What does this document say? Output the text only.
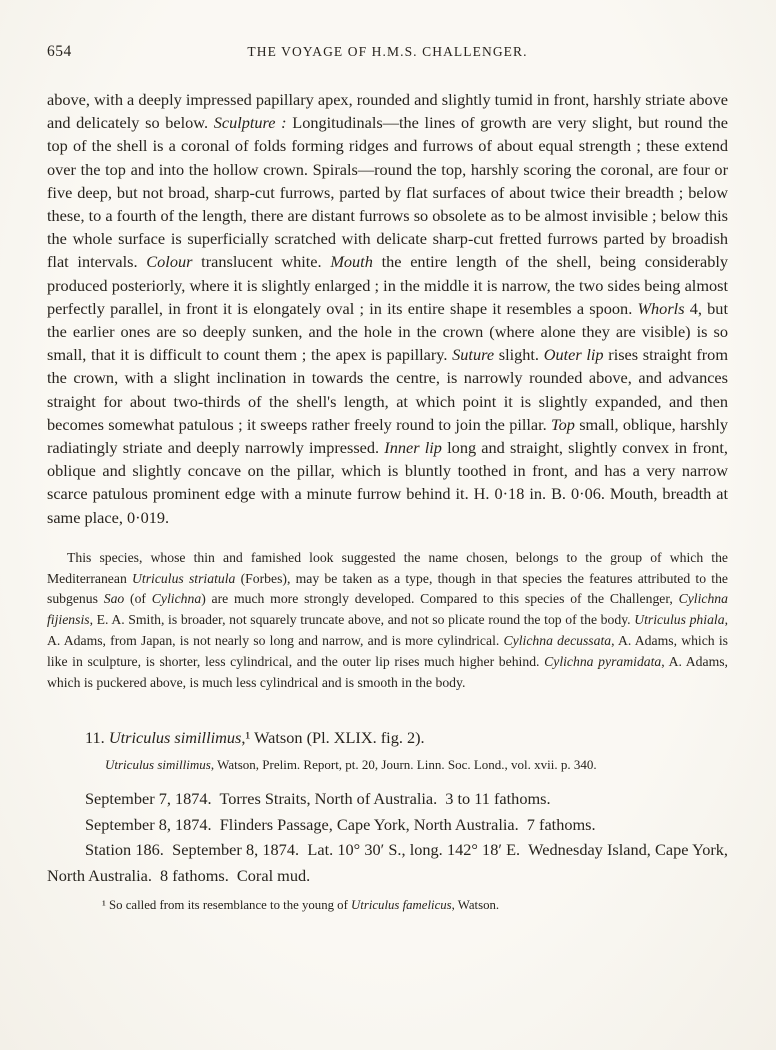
654	THE VOYAGE OF H.M.S. CHALLENGER.

above, with a deeply impressed papillary apex, rounded and slightly tumid in front, harshly striate above and delicately so below. Sculpture : Longitudinals—the lines of growth are very slight, but round the top of the shell is a coronal of folds forming ridges and furrows of about equal strength ; these extend over the top and into the hollow crown. Spirals—round the top, harshly scoring the coronal, are four or five deep, but not broad, sharp-cut furrows, parted by flat surfaces of about twice their breadth ; below these, to a fourth of the length, there are distant furrows so obsolete as to be almost invisible ; below this the whole surface is superficially scratched with delicate sharp-cut fretted furrows parted by broadish flat intervals. Colour translucent white. Mouth the entire length of the shell, being considerably produced posteriorly, where it is slightly enlarged ; in the middle it is narrow, the two sides being almost perfectly parallel, in front it is elongately oval ; in its entire shape it resembles a spoon. Whorls 4, but the earlier ones are so deeply sunken, and the hole in the crown (where alone they are visible) is so small, that it is difficult to count them ; the apex is papillary. Suture slight. Outer lip rises straight from the crown, with a slight inclination in towards the centre, is narrowly rounded above, and advances straight for about two-thirds of the shell's length, at which point it is slightly expanded, and then becomes somewhat patulous ; it sweeps rather freely round to join the pillar. Top small, oblique, harshly radiatingly striate and deeply narrowly impressed. Inner lip long and straight, slightly convex in front, oblique and slightly concave on the pillar, which is bluntly toothed in front, and has a very narrow scarce patulous prominent edge with a minute furrow behind it. H. 0·18 in. B. 0·06. Mouth, breadth at same place, 0·019.

This species, whose thin and famished look suggested the name chosen, belongs to the group of which the Mediterranean Utriculus striatula (Forbes), may be taken as a type, though in that species the features attributed to the subgenus Sao (of Cylichna) are much more strongly developed. Compared to this species of the Challenger, Cylichna fijiensis, E. A. Smith, is broader, not squarely truncate above, and not so plicate round the top of the body. Utriculus phiala, A. Adams, from Japan, is not nearly so long and narrow, and is more cylindrical. Cylichna decussata, A. Adams, which is like in sculpture, is shorter, less cylindrical, and the outer lip rises much higher behind. Cylichna pyramidata, A. Adams, which is puckered above, is much less cylindrical and is smooth in the body.

11. Utriculus simillimus,¹ Watson (Pl. XLIX. fig. 2).

Utriculus simillimus, Watson, Prelim. Report, pt. 20, Journ. Linn. Soc. Lond., vol. xvii. p. 340.

September 7, 1874.  Torres Straits, North of Australia.  3 to 11 fathoms.

September 8, 1874.  Flinders Passage, Cape York, North Australia.  7 fathoms.

Station 186.  September 8, 1874.  Lat. 10° 30′ S., long. 142° 18′ E.  Wednesday Island, Cape York, North Australia.  8 fathoms.  Coral mud.

¹ So called from its resemblance to the young of Utriculus famelicus, Watson.
